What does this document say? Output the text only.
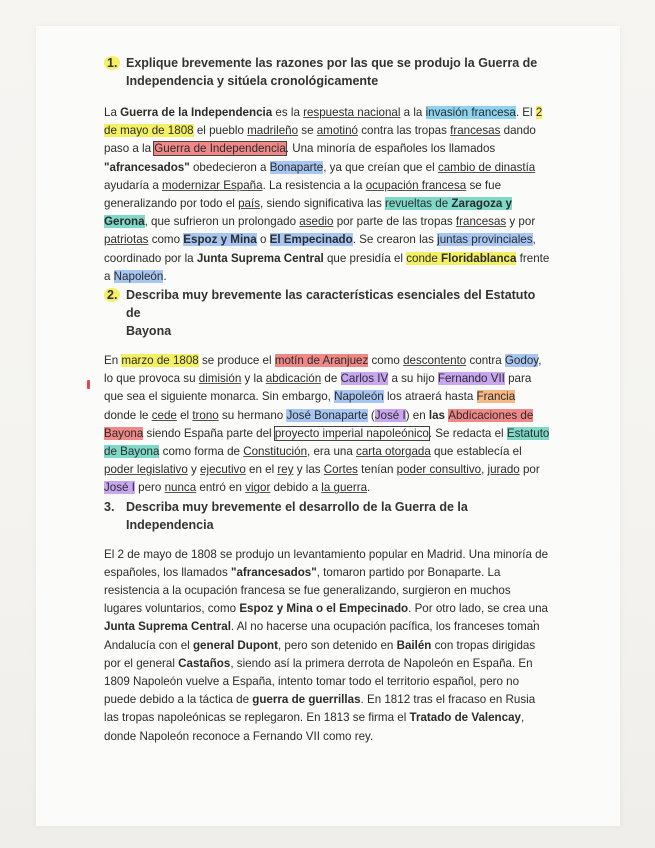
1. Explique brevemente las razones por las que se produjo la Guerra de
Independencia y sitúela cronológicamente

La Guerra de la Independencia es la respuesta nacional a la invasión francesa. El 2 de mayo de 1808 el pueblo madrileño se amotinó contra las tropas francesas dando paso a la Guerra de Independencia. Una minoría de españoles los llamados "afrancesados" obedecieron a Bonaparte, ya que creían que el cambio de dinastía ayudaría a modernizar España. La resistencia a la ocupación francesa se fue generalizando por todo el país, siendo significativa las revueltas de Zaragoza y Gerona, que sufrieron un prolongado asedio por parte de las tropas francesas y por patriotas como Espoz y Mina o El Empecinado. Se crearon las juntas provinciales, coordinado por la Junta Suprema Central que presidía el conde Floridablanca frente a Napoleón.

2. Describa muy brevemente las características esenciales del Estatuto de
Bayona

En marzo de 1808 se produce el motín de Aranjuez como descontento contra Godoy, lo que provoca su dimisión y la abdicación de Carlos IV a su hijo Fernando VII para que sea el siguiente monarca. Sin embargo, Napoleón los atraerá hasta Francia donde le cede el trono su hermano José Bonaparte (José I) en las Abdicaciones de Bayona siendo España parte del proyecto imperial napoleónico. Se redacta el Estatuto de Bayona como forma de Constitución, era una carta otorgada que establecía el poder legislativo y ejecutivo en el rey y las Cortes tenían poder consultivo, jurado por José I pero nunca entró en vigor debido a la guerra.

3. Describa muy brevemente el desarrollo de la Guerra de la
Independencia

El 2 de mayo de 1808 se produjo un levantamiento popular en Madrid. Una minoría de españoles, los llamados "afrancesados", tomaron partido por Bonaparte. La resistencia a la ocupación francesa se fue generalizando, surgieron en muchos lugares voluntarios, como Espoz y Mina o el Empecinado. Por otro lado, se crea una Junta Suprema Central. Al no hacerse una ocupación pacífica, los franceses toman Andalucía con el general Dupont, pero son detenido en Bailén con tropas dirigidas por el general Castaños, siendo así la primera derrota de Napoleón en España. En 1809 Napoleón vuelve a España, intento tomar todo el territorio español, pero no puede debido a la táctica de guerra de guerrillas. En 1812 tras el fracaso en Rusia las tropas napoleónicas se replegaron. En 1813 se firma el Tratado de Valencay, donde Napoleón reconoce a Fernando VII como rey.
